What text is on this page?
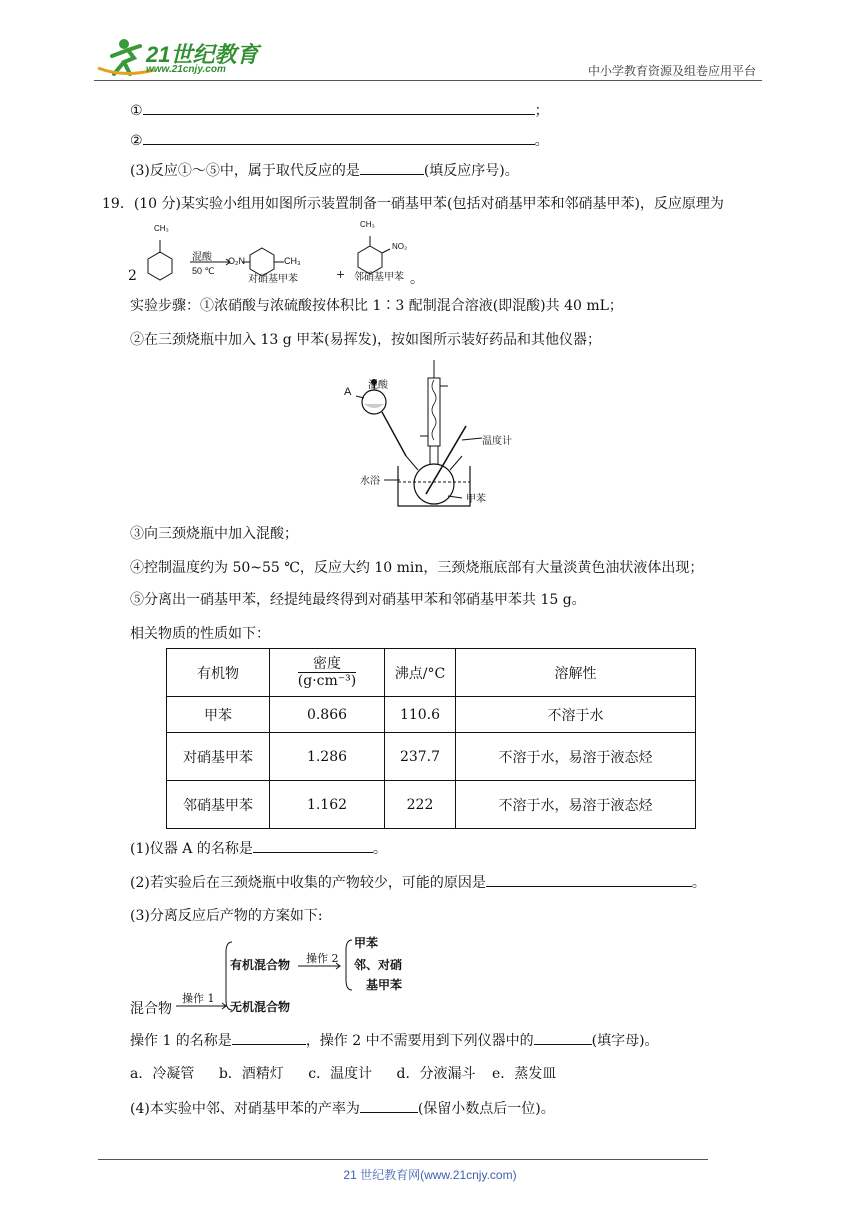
21世纪教育
www.21cnjy.com	中小学教育资源及组卷应用平台
①	；
②	。
(3)反应①～⑤中，属于取代反应的是	(填反应序号)。
19．(10 分)某实验小组用如图所示装置制备一硝基甲苯(包括对硝基甲苯和邻硝基甲苯)，反应原理为
2
CH₃
混酸
50 ℃
O₂N	CH₃
对硝基甲苯	+
CH₃
NO₂
邻硝基甲苯 。
实验步骤：①浓硝酸与浓硫酸按体积比 1∶3 配制混合溶液(即混酸)共 40 mL；
②在三颈烧瓶中加入 13 g 甲苯(易挥发)，按如图所示装好药品和其他仪器；
A
混酸
温度计
水浴
甲苯
③向三颈烧瓶中加入混酸；
④控制温度约为 50~55 ℃，反应大约 10 min，三颈烧瓶底部有大量淡黄色油状液体出现；
⑤分离出一硝基甲苯，经提纯最终得到对硝基甲苯和邻硝基甲苯共 15 g。
相关物质的性质如下：
有机物	$\frac{\text{密度}}{\text{(g·cm⁻³)}}$	沸点/°C	溶解性
甲苯	0.866	110.6	不溶于水
对硝基甲苯	1.286	237.7	不溶于水，易溶于液态烃
邻硝基甲苯	1.162	222	不溶于水，易溶于液态烃
(1)仪器 A 的名称是	。
(2)若实验后在三颈烧瓶中收集的产物较少，可能的原因是	。
(3)分离反应后产物的方案如下:
混合物
操作 1
有机混合物 操作 2
甲苯
邻、对硝
基甲苯
无机混合物
操作 1 的名称是	，操作 2 中不需要用到下列仪器中的	(填字母)。
a．冷凝管 b．酒精灯 c．温度计 d．分液漏斗 e．蒸发皿
(4)本实验中邻、对硝基甲苯的产率为	(保留小数点后一位)。
21 世纪教育网(www.21cnjy.com)
